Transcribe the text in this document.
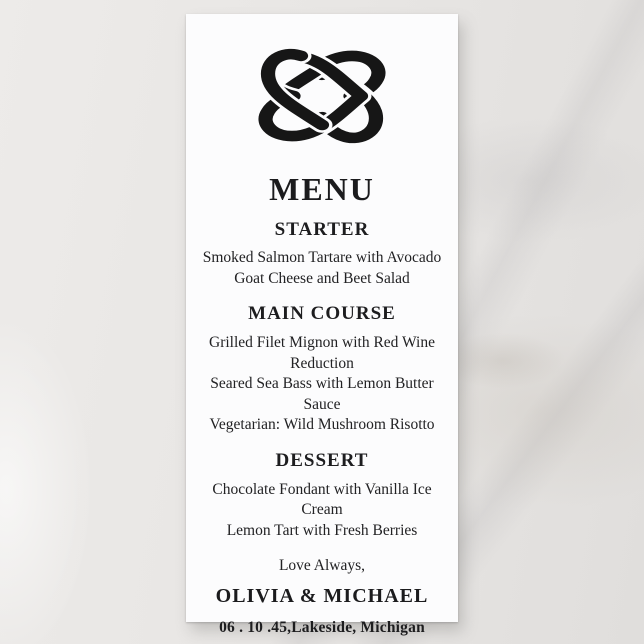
MENU
STARTER
Smoked Salmon Tartare with Avocado
Goat Cheese and Beet Salad
MAIN COURSE
Grilled Filet Mignon with Red Wine
Reduction
Seared Sea Bass with Lemon Butter
Sauce
Vegetarian: Wild Mushroom Risotto
DESSERT
Chocolate Fondant with Vanilla Ice
Cream
Lemon Tart with Fresh Berries
Love Always,
OLIVIA & MICHAEL
06 . 10 .45,Lakeside, Michigan
